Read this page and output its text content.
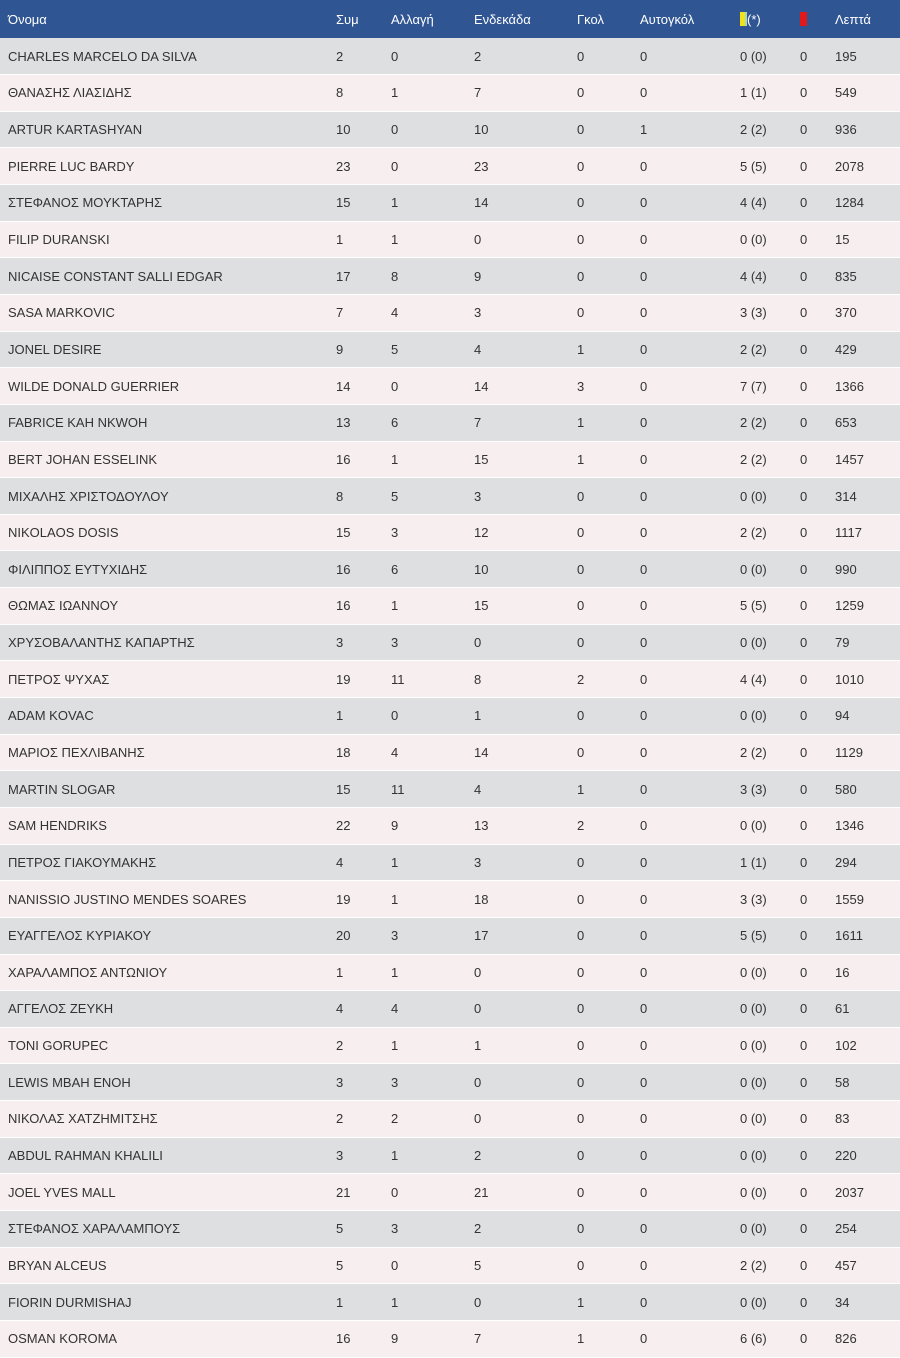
Όνομα	Συμ	Αλλαγή	Ενδεκάδα	Γκολ	Αυτογκόλ	(*)		Λεπτά
CHARLES MARCELO DA SILVA	2	0	2	0	0	0 (0)	0	195
ΘΑΝΑΣΗΣ ΛΙΑΣΙΔΗΣ	8	1	7	0	0	1 (1)	0	549
ARTUR KARTASHYAN	10	0	10	0	1	2 (2)	0	936
PIERRE LUC BARDY	23	0	23	0	0	5 (5)	0	2078
ΣΤΕΦΑΝΟΣ ΜΟΥΚΤΑΡΗΣ	15	1	14	0	0	4 (4)	0	1284
FILIP DURANSKI	1	1	0	0	0	0 (0)	0	15
NICAISE CONSTANT SALLI EDGAR	17	8	9	0	0	4 (4)	0	835
SASA MARKOVIC	7	4	3	0	0	3 (3)	0	370
JONEL DESIRE	9	5	4	1	0	2 (2)	0	429
WILDE DONALD GUERRIER	14	0	14	3	0	7 (7)	0	1366
FABRICE KAH NKWOH	13	6	7	1	0	2 (2)	0	653
BERT JOHAN ESSELINK	16	1	15	1	0	2 (2)	0	1457
ΜΙΧΑΛΗΣ ΧΡΙΣΤΟΔΟΥΛΟΥ	8	5	3	0	0	0 (0)	0	314
NIKOLAOS DOSIS	15	3	12	0	0	2 (2)	0	1117
ΦΙΛΙΠΠΟΣ ΕΥΤΥΧΙΔΗΣ	16	6	10	0	0	0 (0)	0	990
ΘΩΜΑΣ ΙΩΑΝΝΟΥ	16	1	15	0	0	5 (5)	0	1259
ΧΡΥΣΟΒΑΛΑΝΤΗΣ ΚΑΠΑΡΤΗΣ	3	3	0	0	0	0 (0)	0	79
ΠΕΤΡΟΣ ΨΥΧΑΣ	19	11	8	2	0	4 (4)	0	1010
ADAM KOVAC	1	0	1	0	0	0 (0)	0	94
ΜΑΡΙΟΣ ΠΕΧΛΙΒΑΝΗΣ	18	4	14	0	0	2 (2)	0	1129
MARTIN SLOGAR	15	11	4	1	0	3 (3)	0	580
SAM HENDRIKS	22	9	13	2	0	0 (0)	0	1346
ΠΕΤΡΟΣ ΓΙΑΚΟΥΜΑΚΗΣ	4	1	3	0	0	1 (1)	0	294
NANISSIO JUSTINO MENDES SOARES	19	1	18	0	0	3 (3)	0	1559
ΕΥΑΓΓΕΛΟΣ ΚΥΡΙΑΚΟΥ	20	3	17	0	0	5 (5)	0	1611
ΧΑΡΑΛΑΜΠΟΣ ΑΝΤΩΝΙΟΥ	1	1	0	0	0	0 (0)	0	16
ΑΓΓΕΛΟΣ ΖΕΥΚΗ	4	4	0	0	0	0 (0)	0	61
TONI GORUPEC	2	1	1	0	0	0 (0)	0	102
LEWIS MBAH ENOH	3	3	0	0	0	0 (0)	0	58
ΝΙΚΟΛΑΣ ΧΑΤΖΗΜΙΤΣΗΣ	2	2	0	0	0	0 (0)	0	83
ABDUL RAHMAN KHALILI	3	1	2	0	0	0 (0)	0	220
JOEL YVES MALL	21	0	21	0	0	0 (0)	0	2037
ΣΤΕΦΑΝΟΣ ΧΑΡΑΛΑΜΠΟΥΣ	5	3	2	0	0	0 (0)	0	254
BRYAN ALCEUS	5	0	5	0	0	2 (2)	0	457
FIORIN DURMISHAJ	1	1	0	1	0	0 (0)	0	34
OSMAN KOROMA	16	9	7	1	0	6 (6)	0	826
